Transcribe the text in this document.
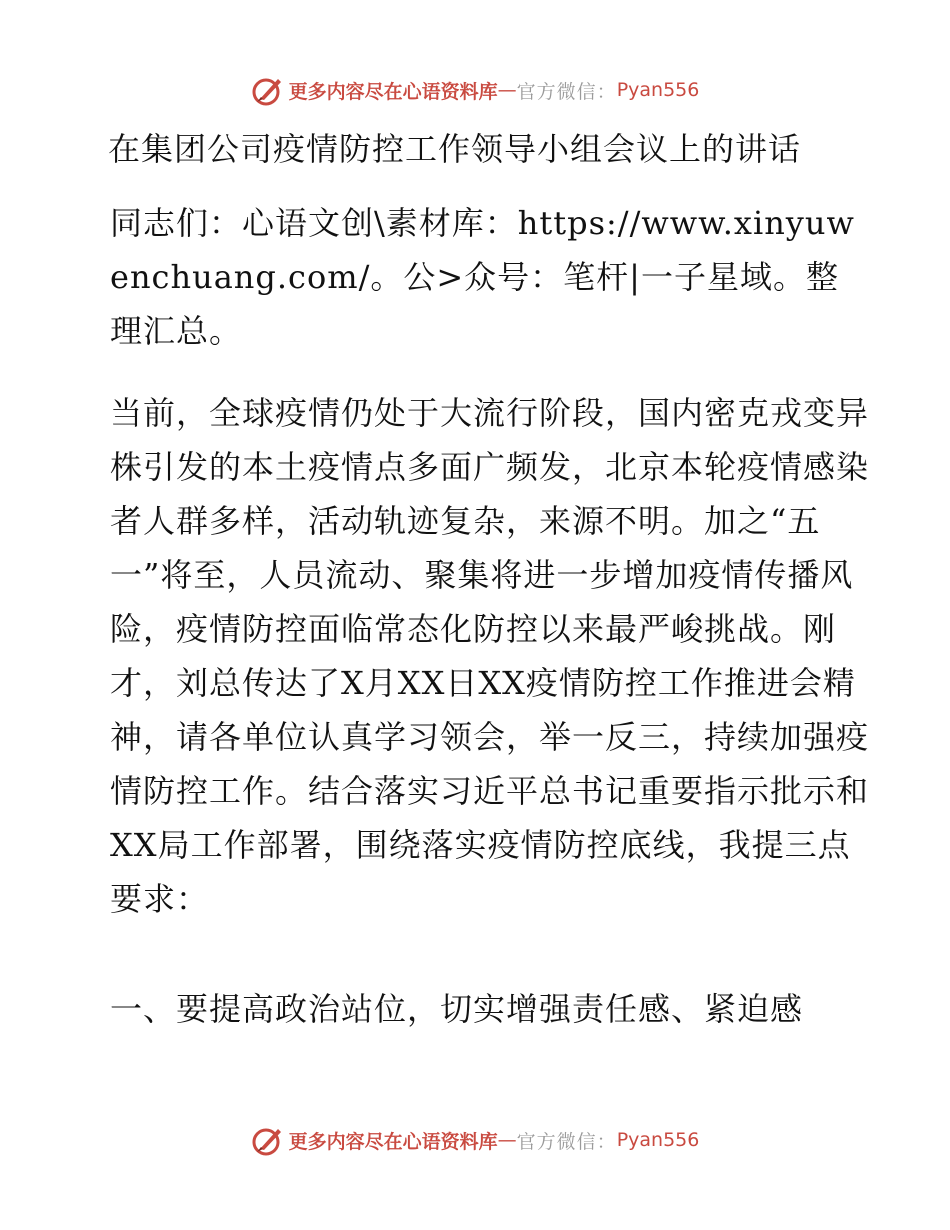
更多内容尽在心语资料库 — 官方微信： Pyan556
在集团公司疫情防控工作领导小组会议上的讲话
同志们：心语文创\素材库：https://www.xinyuwenchuang.com/。公>众号：笔杆|一子星域。整理汇总。
当前，全球疫情仍处于大流行阶段，国内密克戎变异株引发的本土疫情点多面广频发，北京本轮疫情感染者人群多样，活动轨迹复杂，来源不明。加之“五一”将至，人员流动、聚集将进一步增加疫情传播风险，疫情防控面临常态化防控以来最严峻挑战。刚才，刘总传达了X月XX日XX疫情防控工作推进会精神，请各单位认真学习领会，举一反三，持续加强疫情防控工作。结合落实习近平总书记重要指示批示和XX局工作部署，围绕落实疫情防控底线，我提三点要求：
一、要提高政治站位，切实增强责任感、紧迫感
更多内容尽在心语资料库 — 官方微信： Pyan556
